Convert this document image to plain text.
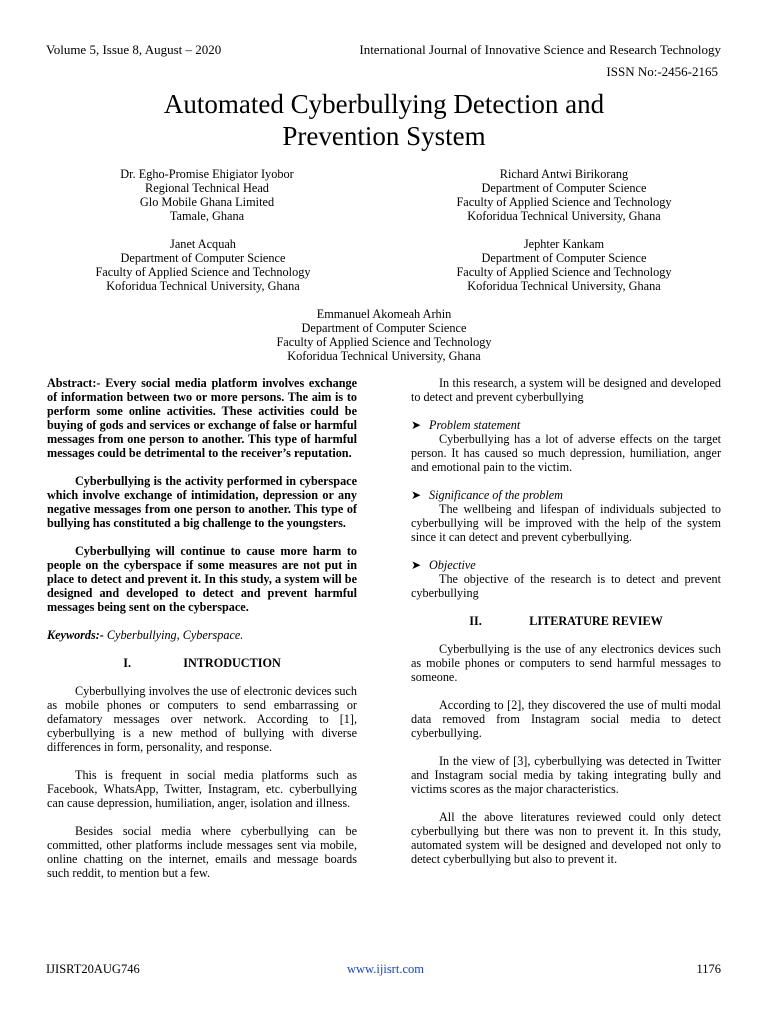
Volume 5, Issue 8, August – 2020	International Journal of Innovative Science and Research Technology
ISSN No:-2456-2165
Automated Cyberbullying Detection and
Prevention System
Dr. Egho-Promise Ehigiator Iyobor
Regional Technical Head
Glo Mobile Ghana Limited
Tamale, Ghana
Richard Antwi Birikorang
Department of Computer Science
Faculty of Applied Science and Technology
Koforidua Technical University, Ghana
Janet Acquah
Department of Computer Science
Faculty of Applied Science and Technology
Koforidua Technical University, Ghana
Jephter Kankam
Department of Computer Science
Faculty of Applied Science and Technology
Koforidua Technical University, Ghana
Emmanuel Akomeah Arhin
Department of Computer Science
Faculty of Applied Science and Technology
Koforidua Technical University, Ghana

Abstract:- Every social media platform involves exchange of information between two or more persons. The aim is to perform some online activities. These activities could be buying of gods and services or exchange of false or harmful messages from one person to another. This type of harmful messages could be detrimental to the receiver’s reputation.

Cyberbullying is the activity performed in cyberspace which involve exchange of intimidation, depression or any negative messages from one person to another. This type of bullying has constituted a big challenge to the youngsters.

Cyberbullying will continue to cause more harm to people on the cyberspace if some measures are not put in place to detect and prevent it. In this study, a system will be designed and developed to detect and prevent harmful messages being sent on the cyberspace.

Keywords:- Cyberbullying, Cyberspace.

I.	INTRODUCTION

Cyberbullying involves the use of electronic devices such as mobile phones or computers to send embarrassing or defamatory messages over network. According to [1], cyberbullying is a new method of bullying with diverse differences in form, personality, and response.

This is frequent in social media platforms such as Facebook, WhatsApp, Twitter, Instagram, etc. cyberbullying can cause depression, humiliation, anger, isolation and illness.

Besides social media where cyberbullying can be committed, other platforms include messages sent via mobile, online chatting on the internet, emails and message boards such reddit, to mention but a few.

In this research, a system will be designed and developed to detect and prevent cyberbullying

➤ Problem statement

Cyberbullying has a lot of adverse effects on the target person. It has caused so much depression, humiliation, anger and emotional pain to the victim.

➤ Significance of the problem

The wellbeing and lifespan of individuals subjected to cyberbullying will be improved with the help of the system since it can detect and prevent cyberbullying.

➤ Objective

The objective of the research is to detect and prevent cyberbullying

II.	LITERATURE REVIEW

Cyberbullying is the use of any electronics devices such as mobile phones or computers to send harmful messages to someone.

According to [2], they discovered the use of multi modal data removed from Instagram social media to detect cyberbullying.

In the view of [3], cyberbullying was detected in Twitter and Instagram social media by taking integrating bully and victims scores as the major characteristics.

All the above literatures reviewed could only detect cyberbullying but there was non to prevent it. In this study, automated system will be designed and developed not only to detect cyberbullying but also to prevent it.

IJISRT20AUG746	www.ijisrt.com	1176
